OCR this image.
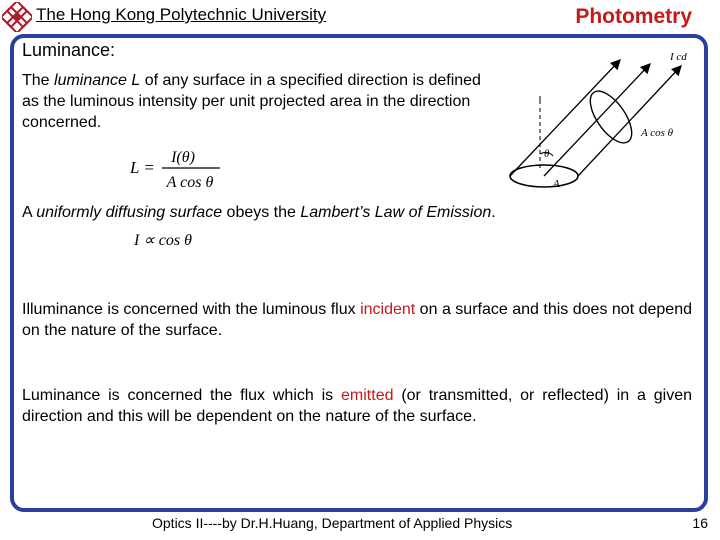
The Hong Kong Polytechnic University	Photometry
Luminance:
The luminance L of any surface in a specified direction is defined as the luminous intensity per unit projected area in the direction concerned.
L =
I(θ)
A cos θ
I cd
A cos θ
θ
A
A uniformly diffusing surface obeys the Lambert’s Law of Emission.
I ∝ cos θ
Illuminance is concerned with the luminous flux incident on a surface and this does not depend on the nature of the surface.
Luminance is concerned the flux which is emitted (or transmitted, or reflected) in a given direction and this will be dependent on the nature of the surface.
Optics II----by Dr.H.Huang, Department of Applied Physics	16
